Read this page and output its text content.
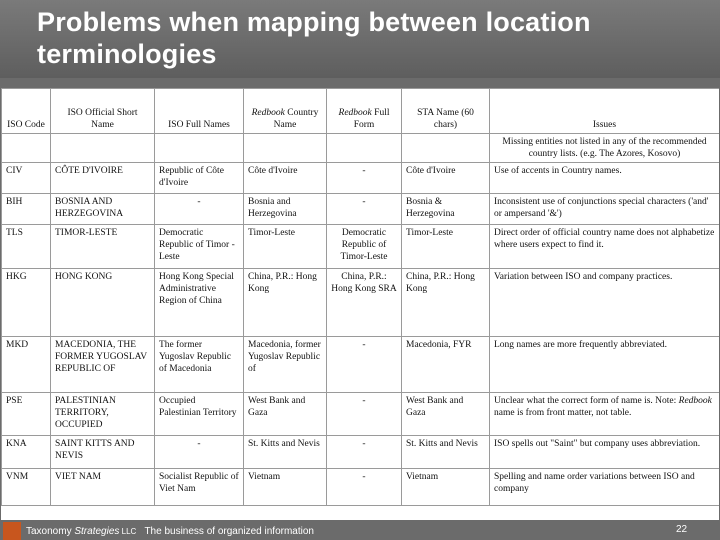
Problems when mapping between location terminologies
ISO Code	ISO Official Short Name	ISO Full Names	Redbook Country Name	Redbook Full Form	STA Name (60 chars)	Issues
						Missing entities not listed in any of the recommended country lists. (e.g. The Azores, Kosovo)
CIV	CÔTE D'IVOIRE	Republic of Côte d'Ivoire	Côte d'Ivoire	-	Côte d'Ivoire	Use of accents in Country names.
BIH	BOSNIA AND HERZEGOVINA	-	Bosnia and Herzegovina	-	Bosnia & Herzegovina	Inconsistent use of conjunctions special characters ('and' or ampersand '&')
TLS	TIMOR-LESTE	Democratic Republic of Timor -Leste	Timor-Leste	Democratic Republic of Timor-Leste	Timor-Leste	Direct order of official country name does not alphabetize where users expect to find it.
HKG	HONG KONG	Hong Kong Special Administrative Region of China	China, P.R.: Hong Kong	China, P.R.: Hong Kong SRA	China, P.R.: Hong Kong	Variation between ISO and company practices.
MKD	MACEDONIA, THE FORMER YUGOSLAV REPUBLIC OF	The former Yugoslav Republic of Macedonia	Macedonia, former Yugoslav Republic of	-	Macedonia, FYR	Long names are more frequently abbreviated.
PSE	PALESTINIAN TERRITORY, OCCUPIED	Occupied Palestinian Territory	West Bank and Gaza	-	West Bank and Gaza	Unclear what the correct form of name is. Note: Redbook name is from front matter, not table.
KNA	SAINT KITTS AND NEVIS	-	St. Kitts and Nevis	-	St. Kitts and Nevis	ISO spells out "Saint" but company uses abbreviation.
VNM	VIET NAM	Socialist Republic of Viet Nam	Vietnam	-	Vietnam	Spelling and name order variations between ISO and company
Taxonomy Strategies LLC   The business of organized information	22
